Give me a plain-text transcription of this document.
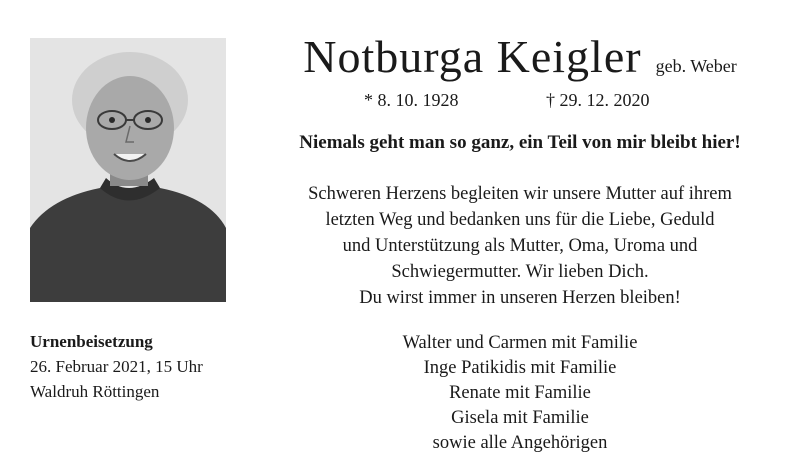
Notburga Keigler geb. Weber
* 8. 10. 1928	† 29. 12. 2020
Niemals geht man so ganz, ein Teil von mir bleibt hier!
Schweren Herzens begleiten wir unsere Mutter auf ihrem
letzten Weg und bedanken uns für die Liebe, Geduld
und Unterstützung als Mutter, Oma, Uroma und
Schwiegermutter. Wir lieben Dich.
Du wirst immer in unseren Herzen bleiben!
Urnenbeisetzung
26. Februar 2021, 15 Uhr
Waldruh Röttingen
Walter und Carmen mit Familie
Inge Patikidis mit Familie
Renate mit Familie
Gisela mit Familie
sowie alle Angehörigen
